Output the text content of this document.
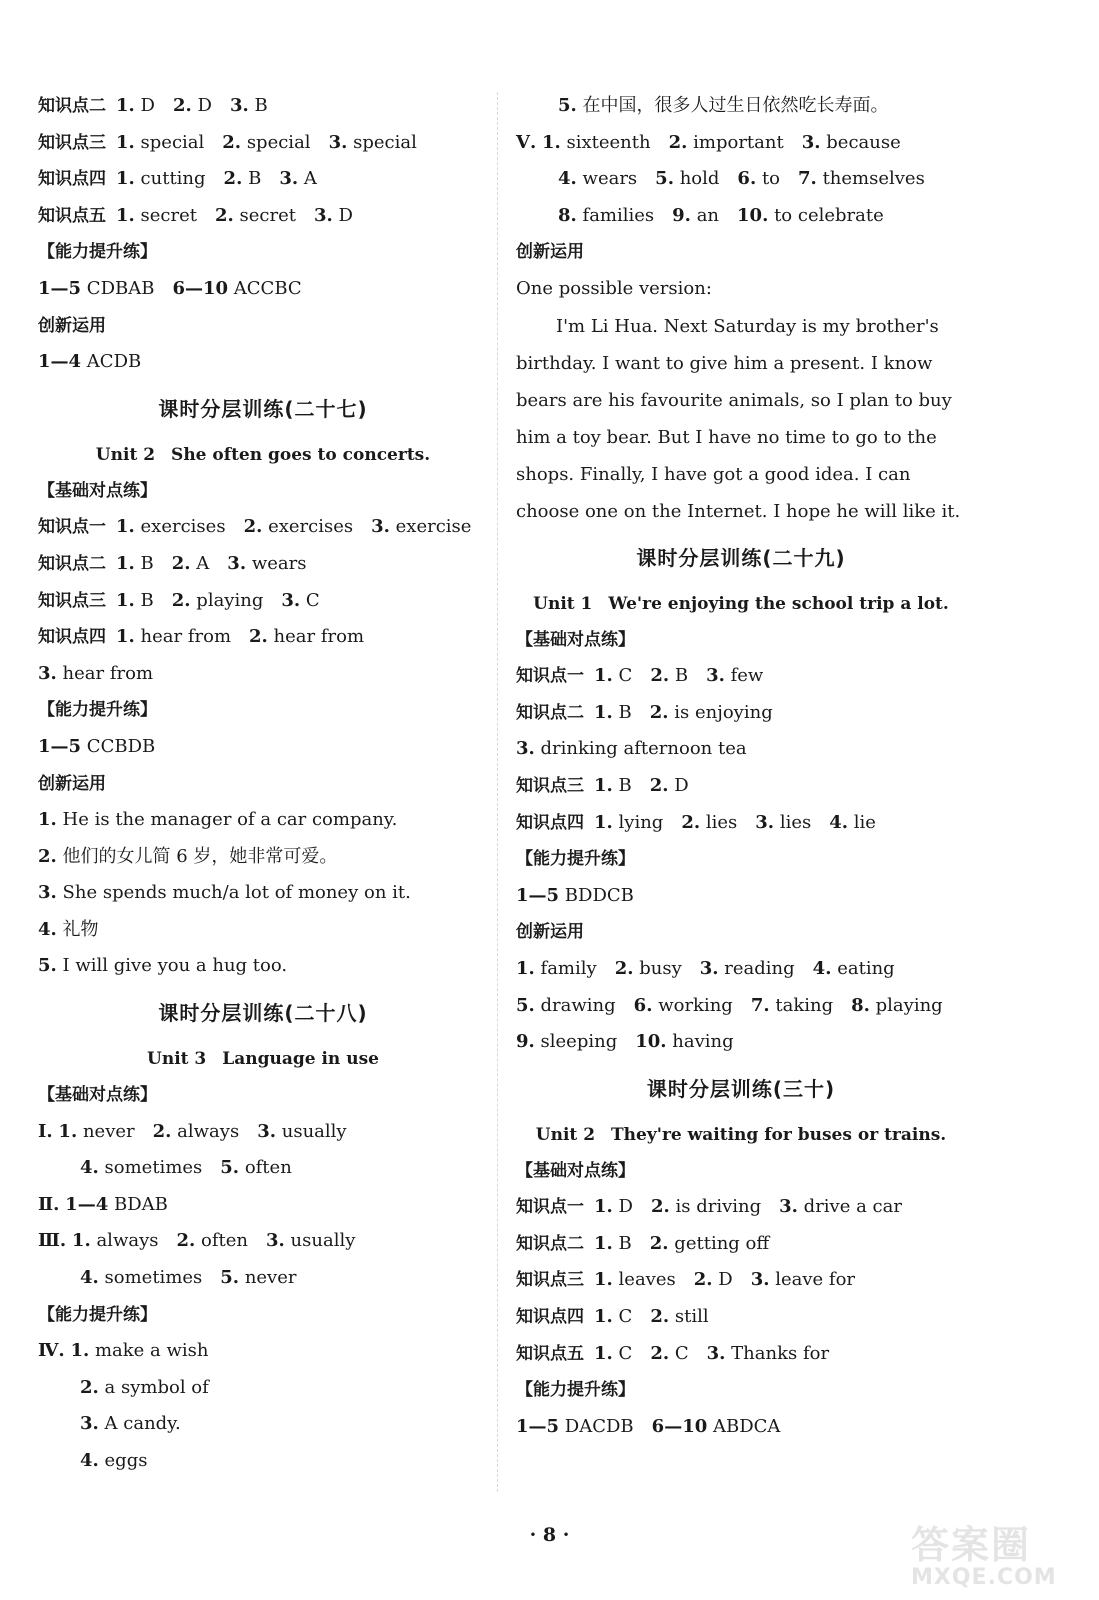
知识点二 1. D 2. D 3. B
知识点三 1. special 2. special 3. special
知识点四 1. cutting 2. B 3. A
知识点五 1. secret 2. secret 3. D
【能力提升练】
1—5 CDBAB 6—10 ACCBC
创新运用
1—4 ACDB
课时分层训练(二十七)
Unit 2 She often goes to concerts.
【基础对点练】
知识点一 1. exercises 2. exercises 3. exercise
知识点二 1. B 2. A 3. wears
知识点三 1. B 2. playing 3. C
知识点四 1. hear from 2. hear from
3. hear from
【能力提升练】
1—5 CCBDB
创新运用
1. He is the manager of a car company.
2. 他们的女儿简 6 岁，她非常可爱。
3. She spends much/a lot of money on it.
4. 礼物
5. I will give you a hug too.
课时分层训练(二十八)
Unit 3 Language in use
【基础对点练】
Ⅰ. 1. never 2. always 3. usually
4. sometimes 5. often
Ⅱ. 1—4 BDAB
Ⅲ. 1. always 2. often 3. usually
4. sometimes 5. never
【能力提升练】
Ⅳ. 1. make a wish
2. a symbol of
3. A candy.
4. eggs
5. 在中国，很多人过生日依然吃长寿面。
Ⅴ. 1. sixteenth 2. important 3. because
4. wears 5. hold 6. to 7. themselves
8. families 9. an 10. to celebrate
创新运用
One possible version:
I'm Li Hua. Next Saturday is my brother's
birthday. I want to give him a present. I know
bears are his favourite animals, so I plan to buy
him a toy bear. But I have no time to go to the
shops. Finally, I have got a good idea. I can
choose one on the Internet. I hope he will like it.
课时分层训练(二十九)
Unit 1 We're enjoying the school trip a lot.
【基础对点练】
知识点一 1. C 2. B 3. few
知识点二 1. B 2. is enjoying
3. drinking afternoon tea
知识点三 1. B 2. D
知识点四 1. lying 2. lies 3. lies 4. lie
【能力提升练】
1—5 BDDCB
创新运用
1. family 2. busy 3. reading 4. eating
5. drawing 6. working 7. taking 8. playing
9. sleeping 10. having
课时分层训练(三十)
Unit 2 They're waiting for buses or trains.
【基础对点练】
知识点一 1. D 2. is driving 3. drive a car
知识点二 1. B 2. getting off
知识点三 1. leaves 2. D 3. leave for
知识点四 1. C 2. still
知识点五 1. C 2. C 3. Thanks for
【能力提升练】
1—5 DACDB 6—10 ABDCA
· 8 ·	答案圈
MXQE.COM
